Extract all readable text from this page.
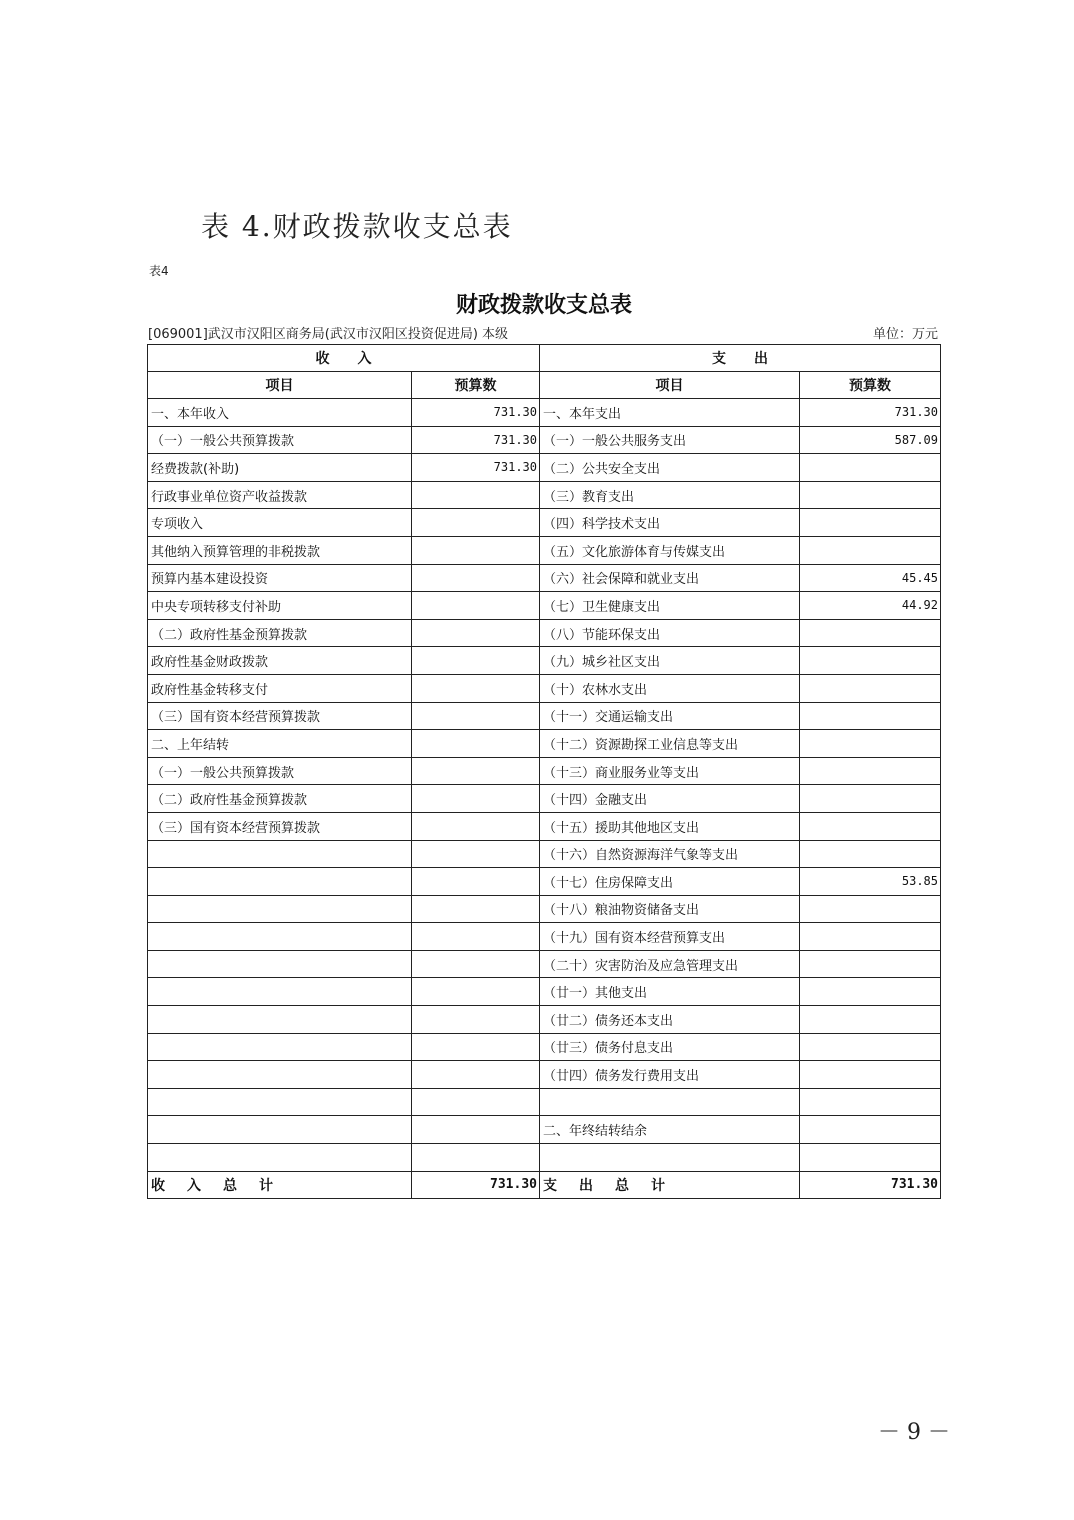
表 4.财政拨款收支总表
表4
财政拨款收支总表
[069001]武汉市汉阳区商务局(武汉市汉阳区投资促进局) 本级	单位：万元
收　　入		支　　出	
项目	预算数	项目	预算数
一、本年收入	731.30	一、本年支出	731.30
（一）一般公共预算拨款	731.30	（一）一般公共服务支出	587.09
经费拨款(补助)	731.30	（二）公共安全支出	
行政事业单位资产收益拨款		（三）教育支出	
专项收入		（四）科学技术支出	
其他纳入预算管理的非税拨款		（五）文化旅游体育与传媒支出	
预算内基本建设投资		（六）社会保障和就业支出	45.45
中央专项转移支付补助		（七）卫生健康支出	44.92
（二）政府性基金预算拨款		（八）节能环保支出	
政府性基金财政拨款		（九）城乡社区支出	
政府性基金转移支付		（十）农林水支出	
（三）国有资本经营预算拨款		（十一）交通运输支出	
二、上年结转		（十二）资源勘探工业信息等支出	
（一）一般公共预算拨款		（十三）商业服务业等支出	
（二）政府性基金预算拨款		（十四）金融支出	
（三）国有资本经营预算拨款		（十五）援助其他地区支出	
		（十六）自然资源海洋气象等支出	
		（十七）住房保障支出	53.85
		（十八）粮油物资储备支出	
		（十九）国有资本经营预算支出	
		（二十）灾害防治及应急管理支出	
		（廿一）其他支出	
		（廿二）债务还本支出	
		（廿三）债务付息支出	
		（廿四）债务发行费用支出	

		二、年终结转结余	

收入总计	731.30	支出总计	731.30
－ 9 －
